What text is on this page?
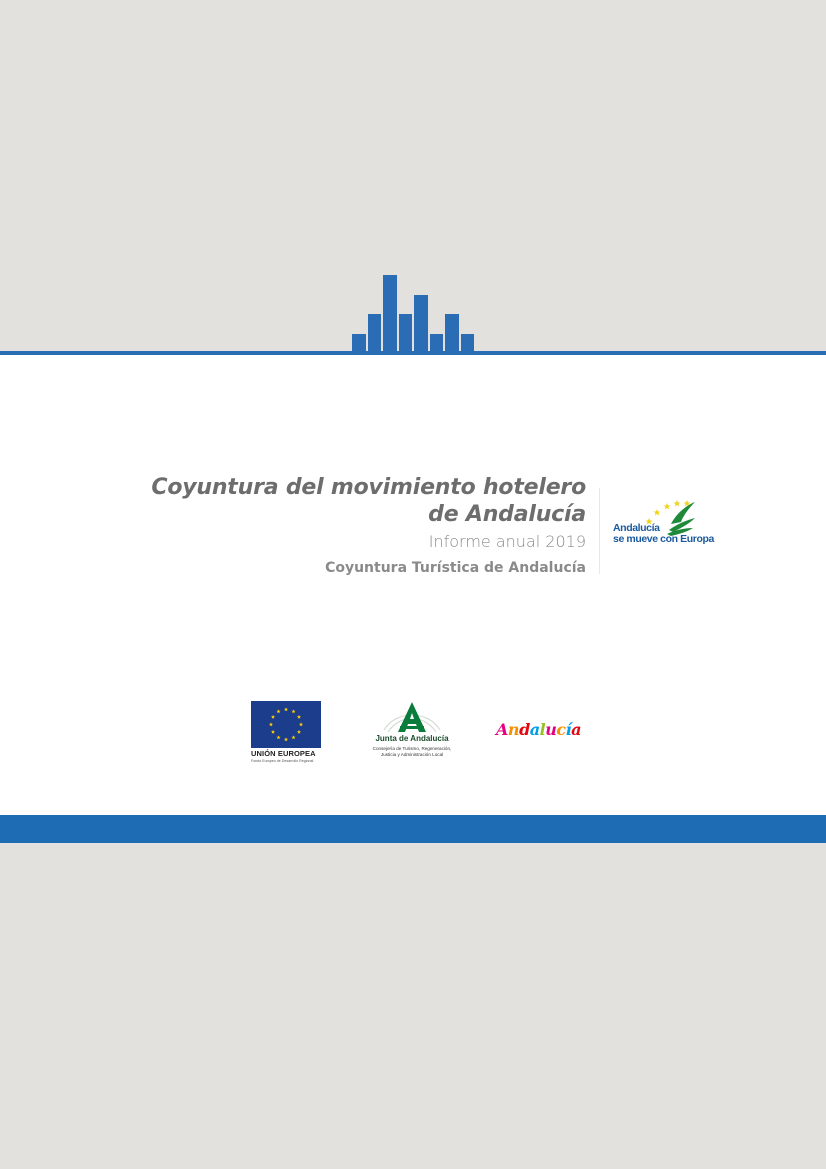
Coyuntura del movimiento hotelero
de Andalucía
Informe anual 2019
Coyuntura Turística de Andalucía
Andalucía
se mueve con Europa
UNIÓN EUROPEA
Fondo Europeo de Desarrollo Regional
Junta de Andalucía
Consejería de Turismo, Regeneración,
Justicia y Administración Local
Andalucía
